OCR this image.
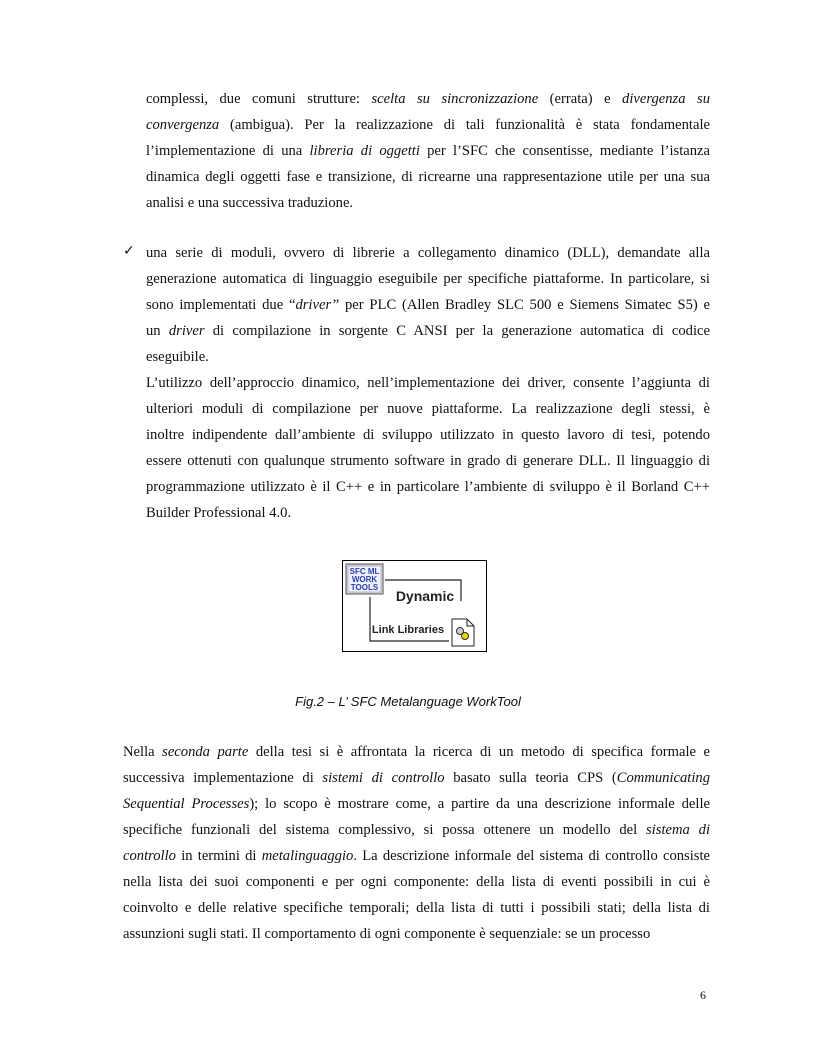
complessi, due comuni strutture: scelta su sincronizzazione (errata) e divergenza su

convergenza (ambigua). Per la realizzazione di tali funzionalità è stata fondamentale

l’implementazione di una libreria di oggetti per l’SFC che consentisse, mediante l’istanza

dinamica degli oggetti fase e transizione, di ricrearne una rappresentazione utile per una sua

analisi e una successiva traduzione.

✓ una serie di moduli, ovvero di librerie a collegamento dinamico (DLL), demandate alla

generazione automatica di linguaggio eseguibile per specifiche piattaforme. In particolare, si

sono implementati due “driver” per PLC (Allen Bradley SLC 500 e Siemens Simatec S5) e

un driver di compilazione in sorgente C ANSI per la generazione automatica di codice

eseguibile.

L’utilizzo dell’approccio dinamico, nell’implementazione dei driver, consente l’aggiunta di

ulteriori moduli di compilazione per nuove piattaforme. La realizzazione degli stessi, è

inoltre indipendente dall’ambiente di sviluppo utilizzato in questo lavoro di tesi, potendo

essere ottenuti con qualunque strumento software in grado di generare DLL. Il linguaggio di

programmazione utilizzato è il C++ e in particolare l’ambiente di sviluppo è il Borland C++

Builder Professional 4.0.

SFC ML
WORK
TOOLS
Dynamic
Link Libraries
Fig.2 – L’ SFC Metalanguage WorkTool

Nella seconda parte della tesi si è affrontata la ricerca di un metodo di specifica formale e

successiva implementazione di sistemi di controllo basato sulla teoria CPS (Communicating

Sequential Processes); lo scopo è mostrare come, a partire da una descrizione informale delle

specifiche funzionali del sistema complessivo, si possa ottenere un modello del sistema di

controllo in termini di metalinguaggio. La descrizione informale del sistema di controllo consiste

nella lista dei suoi componenti e per ogni componente: della lista di eventi possibili in cui è

coinvolto e delle relative specifiche temporali; della lista di tutti i possibili stati; della lista di

assunzioni sugli stati. Il comportamento di ogni componente è sequenziale: se un processo

6
